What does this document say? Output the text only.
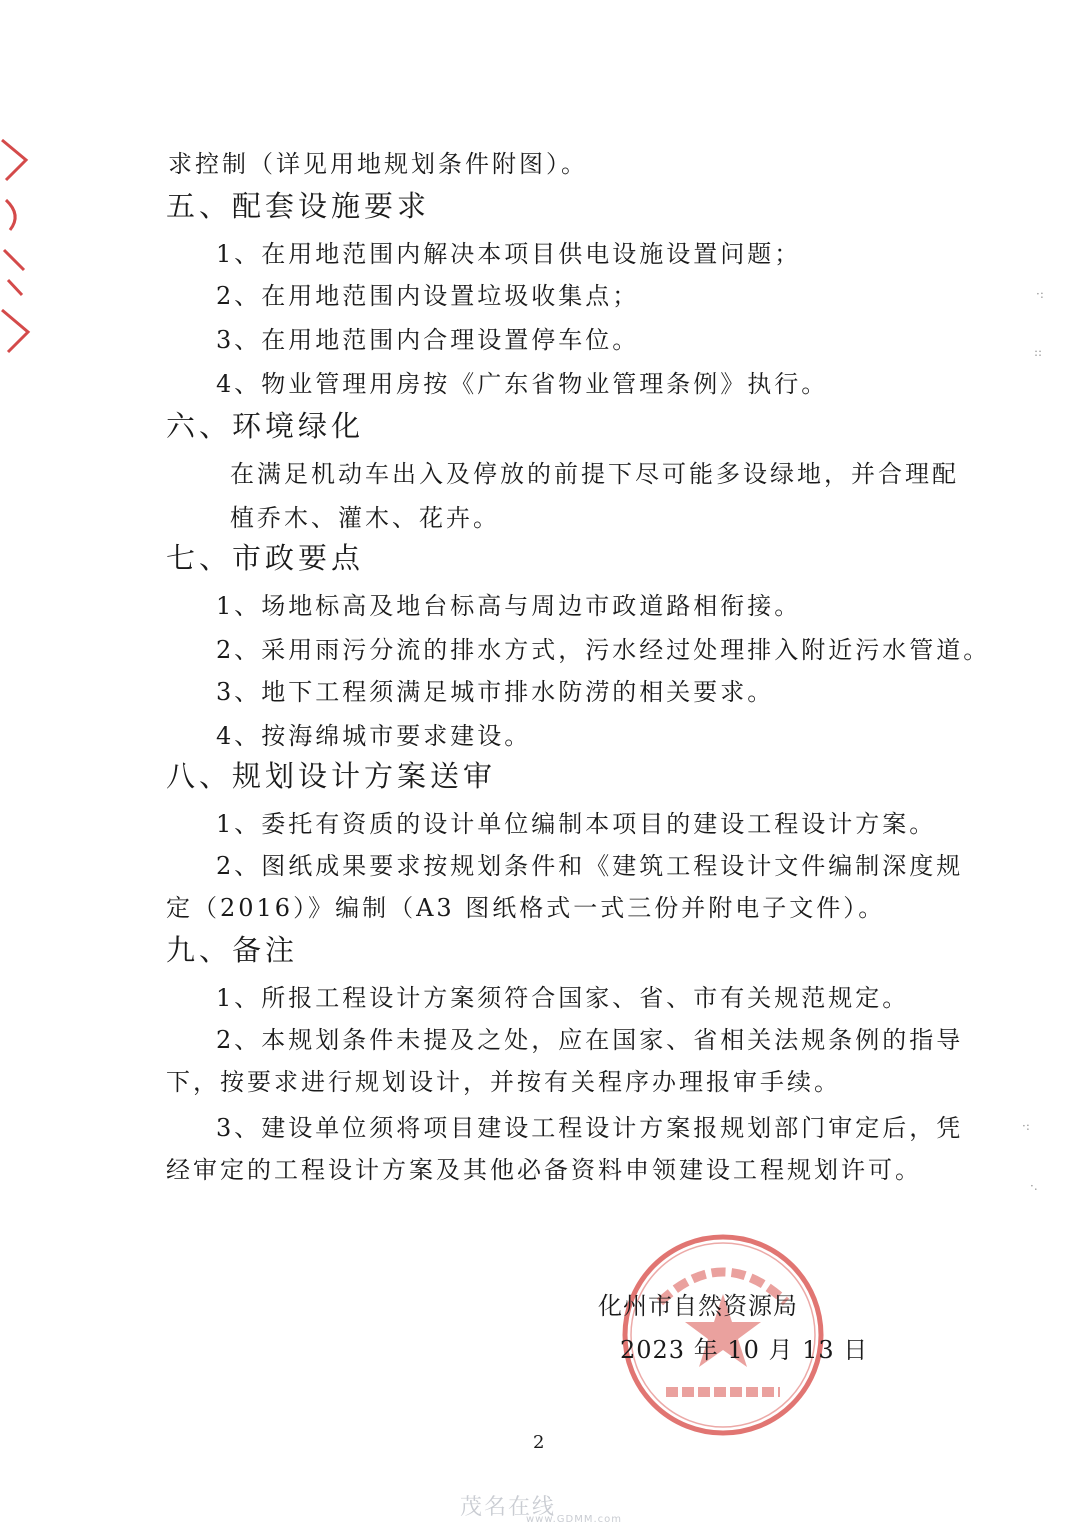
求控制（详见用地规划条件附图）。
五、配套设施要求
1、在用地范围内解决本项目供电设施设置问题；
2、在用地范围内设置垃圾收集点；
3、在用地范围内合理设置停车位。
4、物业管理用房按《广东省物业管理条例》执行。
六、环境绿化
在满足机动车出入及停放的前提下尽可能多设绿地，并合理配
植乔木、灌木、花卉。
七、市政要点
1、场地标高及地台标高与周边市政道路相衔接。
2、采用雨污分流的排水方式，污水经过处理排入附近污水管道。
3、地下工程须满足城市排水防涝的相关要求。
4、按海绵城市要求建设。
八、规划设计方案送审
1、委托有资质的设计单位编制本项目的建设工程设计方案。
2、图纸成果要求按规划条件和《建筑工程设计文件编制深度规
定（2016）》编制（A3 图纸格式一式三份并附电子文件）。
九、备注
1、所报工程设计方案须符合国家、省、市有关规范规定。
2、本规划条件未提及之处，应在国家、省相关法规条例的指导
下，按要求进行规划设计，并按有关程序办理报审手续。
3、建设单位须将项目建设工程设计方案报规划部门审定后，凭
经审定的工程设计方案及其他必备资料申领建设工程规划许可。
化州市自然资源局
2023 年 10 月 13 日
2
·:
::
·:
·.
茂名在线
www.GDMM.com
